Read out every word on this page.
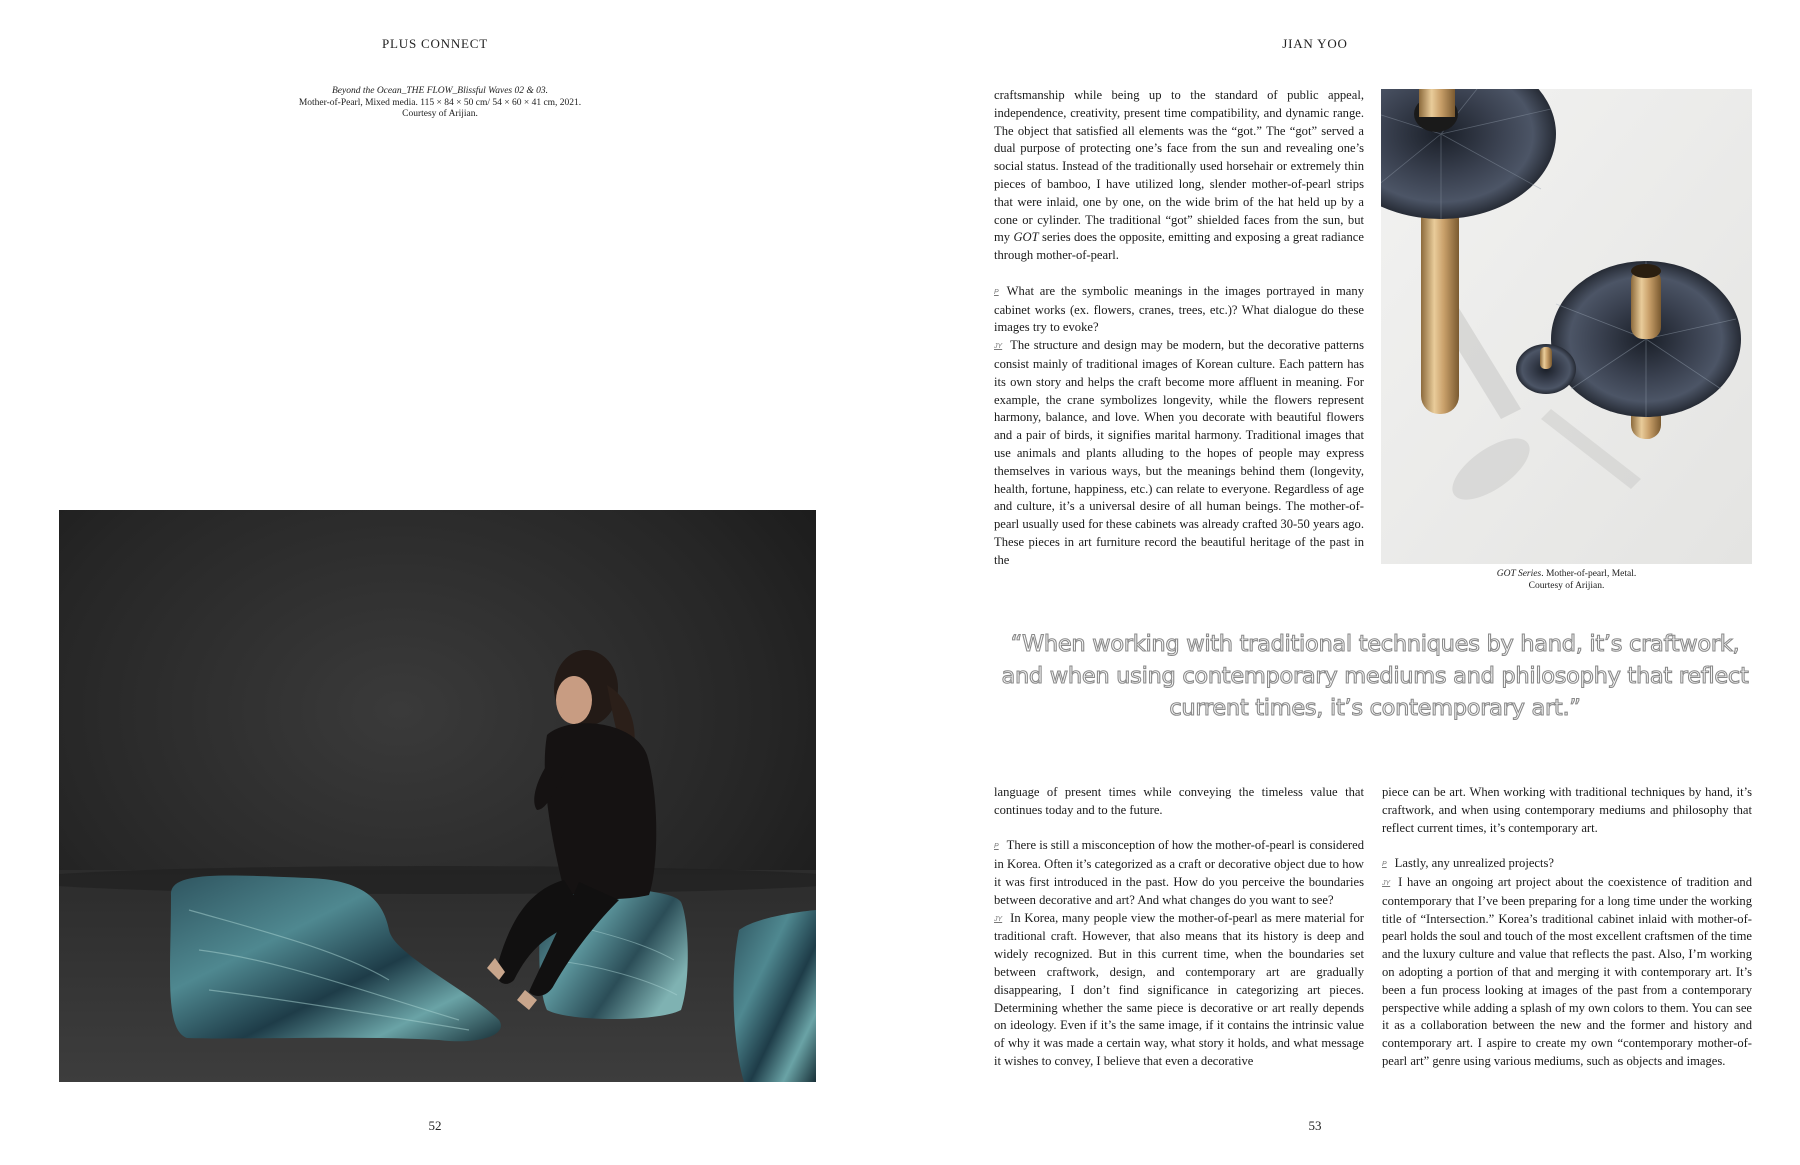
PLUS CONNECT
Beyond the Ocean_THE FLOW_Blissful Waves 02 & 03.
Mother-of-Pearl, Mixed media. 115 × 84 × 50 cm/ 54 × 60 × 41 cm, 2021.
Courtesy of Arijian.
52
JIAN YOO

craftsmanship while being up to the standard of public appeal, independence, creativity, present time compatibility, and dynamic range. The object that satisfied all elements was the “got.” The “got” served a dual purpose of protecting one’s face from the sun and revealing one’s social status. Instead of the traditionally used horsehair or extremely thin pieces of bamboo, I have utilized long, slender mother-of-pearl strips that were inlaid, one by one, on the wide brim of the hat held up by a cone or cylinder. The traditional “got” shielded faces from the sun, but my GOT series does the opposite, emitting and exposing a great radiance through mother-of-pearl.

P What are the symbolic meanings in the images portrayed in many cabinet works (ex. flowers, cranes, trees, etc.)? What dialogue do these images try to evoke?

JY The structure and design may be modern, but the decorative patterns consist mainly of traditional images of Korean culture. Each pattern has its own story and helps the craft become more affluent in meaning. For example, the crane symbolizes longevity, while the flowers represent harmony, balance, and love. When you decorate with beautiful flowers and a pair of birds, it signifies marital harmony. Traditional images that use animals and plants alluding to the hopes of people may express themselves in various ways, but the meanings behind them (longevity, health, fortune, happiness, etc.) can relate to everyone. Regardless of age and culture, it’s a universal desire of all human beings. The mother-of-pearl usually used for these cabinets was already crafted 30-50 years ago. These pieces in art furniture record the beautiful heritage of the past in the

GOT Series. Mother-of-pearl, Metal.
Courtesy of Arijian.
“When working with traditional techniques by hand, it’s craftwork, and when using contemporary mediums and philosophy that reflect current times, it’s contemporary art.”

language of present times while conveying the timeless value that continues today and to the future.

P There is still a misconception of how the mother-of-pearl is considered in Korea. Often it’s categorized as a craft or decorative object due to how it was first introduced in the past. How do you perceive the boundaries between decorative and art? And what changes do you want to see?

JY In Korea, many people view the mother-of-pearl as mere material for traditional craft. However, that also means that its history is deep and widely recognized. But in this current time, when the boundaries set between craftwork, design, and contemporary art are gradually disappearing, I don’t find significance in categorizing art pieces. Determining whether the same piece is decorative or art really depends on ideology. Even if it’s the same image, if it contains the intrinsic value of why it was made a certain way, what story it holds, and what message it wishes to convey, I believe that even a decorative

piece can be art. When working with traditional techniques by hand, it’s craftwork, and when using contemporary mediums and philosophy that reflect current times, it’s contemporary art.

P Lastly, any unrealized projects?

JY I have an ongoing art project about the coexistence of tradition and contemporary that I’ve been preparing for a long time under the working title of “Intersection.” Korea’s traditional cabinet inlaid with mother-of-pearl holds the soul and touch of the most excellent craftsmen of the time and the luxury culture and value that reflects the past. Also, I’m working on adopting a portion of that and merging it with contemporary art. It’s been a fun process looking at images of the past from a contemporary perspective while adding a splash of my own colors to them. You can see it as a collaboration between the new and the former and history and contemporary art. I aspire to create my own “contemporary mother-of-pearl art” genre using various mediums, such as objects and images.

53
